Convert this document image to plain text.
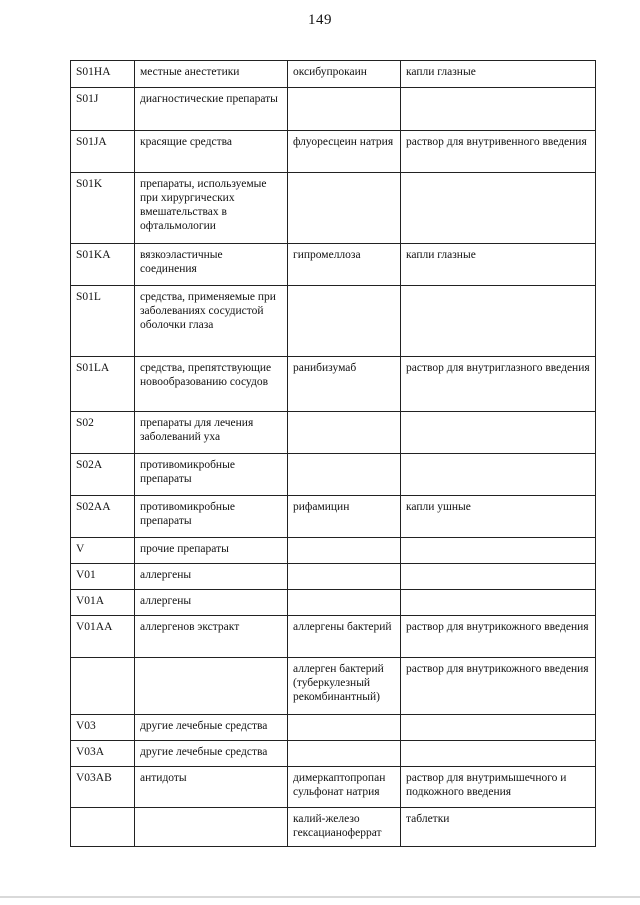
149
S01HA	местные анестетики	оксибупрокаин	капли глазные
S01J	диагностические препараты		
S01JA	красящие средства	флуоресцеин натрия	раствор для внутривенного введения
S01K	препараты, используемые при хирургических вмешательствах в офтальмологии		
S01KA	вязкоэластичные соединения	гипромеллоза	капли глазные
S01L	средства, применяемые при заболеваниях сосудистой оболочки глаза		
S01LA	средства, препятствующие новообразованию сосудов	ранибизумаб	раствор для внутриглазного введения
S02	препараты для лечения заболеваний уха		
S02A	противомикробные препараты		
S02AA	противомикробные препараты	рифамицин	капли ушные
V	прочие препараты		
V01	аллергены		
V01A	аллергены		
V01AA	аллергенов экстракт	аллергены бактерий	раствор для внутрикожного введения
		аллерген бактерий (туберкулезный рекомбинантный)	раствор для внутрикожного введения
V03	другие лечебные средства		
V03A	другие лечебные средства		
V03AB	антидоты	димеркаптопропан сульфонат натрия	раствор для внутримышечного и подкожного введения
		калий-железо гексацианоферрат	таблетки
